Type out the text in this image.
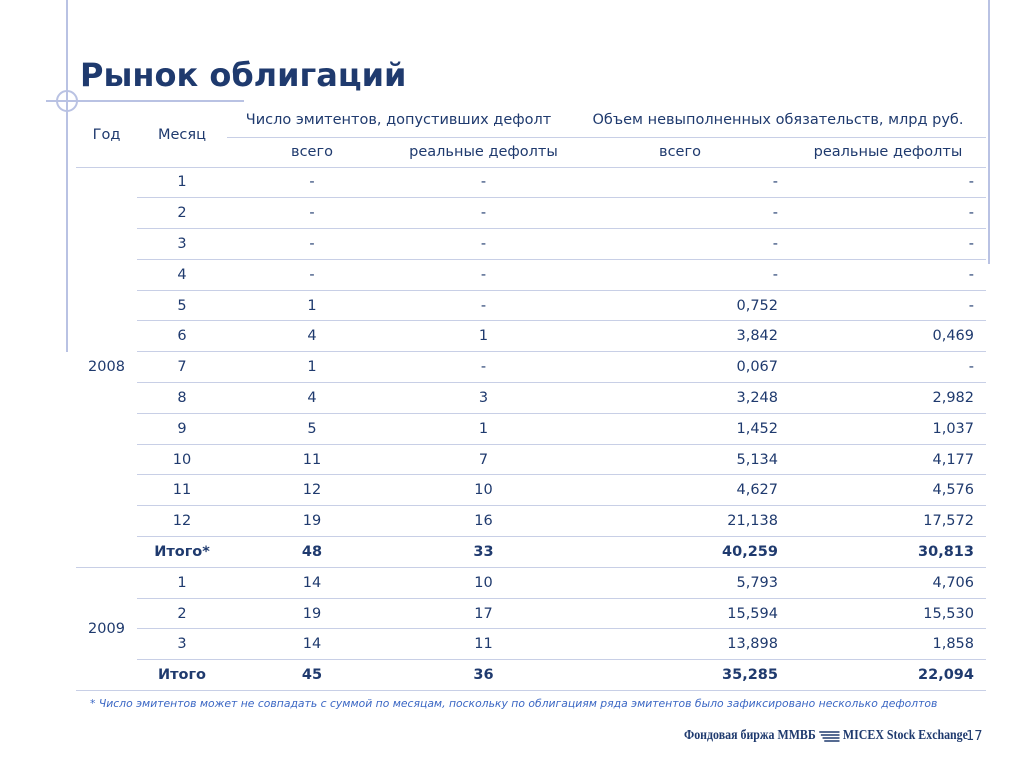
Рынок облигаций
Год	Месяц	Число эмитентов, допустивших дефолт		Объем невыполненных обязательств, млрд руб.	
		всего	реальные дефолты	всего	реальные дефолты
2008	1	-	-	-	-
	2	-	-	-	-
	3	-	-	-	-
	4	-	-	-	-
	5	1	-	0,752	-
	6	4	1	3,842	0,469
	7	1	-	0,067	-
	8	4	3	3,248	2,982
	9	5	1	1,452	1,037
	10	11	7	5,134	4,177
	11	12	10	4,627	4,576
	12	19	16	21,138	17,572
	Итого*	48	33	40,259	30,813
2009	1	14	10	5,793	4,706
	2	19	17	15,594	15,530
	3	14	11	13,898	1,858
	Итого	45	36	35,285	22,094
* Число эмитентов может не совпадать с суммой по месяцам, поскольку по облигациям ряда эмитентов было зафиксировано несколько дефолтов
Фондовая биржа ММВБ MICEX Stock Exchange
17
